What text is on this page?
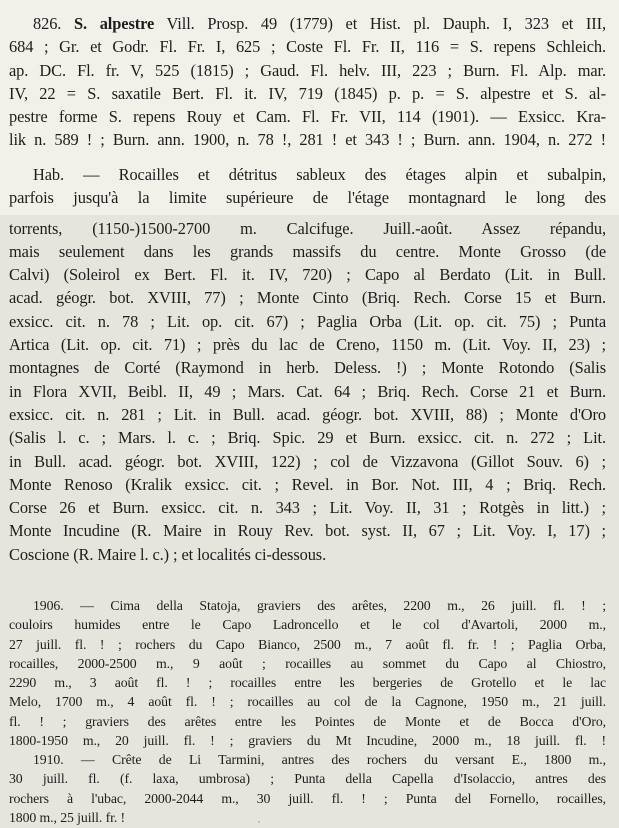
826. S. alpestre Vill. Prosp. 49 (1779) et Hist. pl. Dauph. I, 323 et III,
684 ; Gr. et Godr. Fl. Fr. I, 625 ; Coste Fl. Fr. II, 116 = S. repens Schleich.
ap. DC. Fl. fr. V, 525 (1815) ; Gaud. Fl. helv. III, 223 ; Burn. Fl. Alp. mar.
IV, 22 = S. saxatile Bert. Fl. it. IV, 719 (1845) p. p. = S. alpestre et S. al-
pestre forme S. repens Rouy et Cam. Fl. Fr. VII, 114 (1901). — Exsicc. Kra-
lik n. 589 ! ; Burn. ann. 1900, n. 78 !, 281 ! et 343 ! ; Burn. ann. 1904, n. 272 !
Hab. — Rocailles et détritus sableux des étages alpin et subalpin,
parfois jusqu'à la limite supérieure de l'étage montagnard le long des
torrents, (1150-)1500-2700 m. Calcifuge. Juill.-août. Assez répandu,
mais seulement dans les grands massifs du centre. Monte Grosso (de
Calvi) (Soleirol ex Bert. Fl. it. IV, 720) ; Capo al Berdato (Lit. in Bull.
acad. géogr. bot. XVIII, 77) ; Monte Cinto (Briq. Rech. Corse 15 et Burn.
exsicc. cit. n. 78 ; Lit. op. cit. 67) ; Paglia Orba (Lit. op. cit. 75) ; Punta
Artica (Lit. op. cit. 71) ; près du lac de Creno, 1150 m. (Lit. Voy. II, 23) ;
montagnes de Corté (Raymond in herb. Deless. !) ; Monte Rotondo (Salis
in Flora XVII, Beibl. II, 49 ; Mars. Cat. 64 ; Briq. Rech. Corse 21 et Burn.
exsicc. cit. n. 281 ; Lit. in Bull. acad. géogr. bot. XVIII, 88) ; Monte d'Oro
(Salis l. c. ; Mars. l. c. ; Briq. Spic. 29 et Burn. exsicc. cit. n. 272 ; Lit.
in Bull. acad. géogr. bot. XVIII, 122) ; col de Vizzavona (Gillot Souv. 6) ;
Monte Renoso (Kralik exsicc. cit. ; Revel. in Bor. Not. III, 4 ; Briq. Rech.
Corse 26 et Burn. exsicc. cit. n. 343 ; Lit. Voy. II, 31 ; Rotgès in litt.) ;
Monte Incudine (R. Maire in Rouy Rev. bot. syst. II, 67 ; Lit. Voy. I, 17) ;
Coscione (R. Maire l. c.) ; et localités ci-dessous.
1906. — Cima della Statoja, graviers des arêtes, 2200 m., 26 juill. fl. ! ;
couloirs humides entre le Capo Ladroncello et le col d'Avartoli, 2000 m.,
27 juill. fl. ! ; rochers du Capo Bianco, 2500 m., 7 août fl. fr. ! ; Paglia Orba,
rocailles, 2000-2500 m., 9 août ; rocailles au sommet du Capo al Chiostro,
2290 m., 3 août fl. ! ; rocailles entre les bergeries de Grotello et le lac
Melo, 1700 m., 4 août fl. ! ; rocailles au col de la Cagnone, 1950 m., 21 juill.
fl. ! ; graviers des arêtes entre les Pointes de Monte et de Bocca d'Oro,
1800-1950 m., 20 juill. fl. ! ; graviers du Mt Incudine, 2000 m., 18 juill. fl. !
1910. — Crête de Li Tarmini, antres des rochers du versant E., 1800 m.,
30 juill. fl. (f. laxa, umbrosa) ; Punta della Capella d'Isolaccio, antres des
rochers à l'ubac, 2000-2044 m., 30 juill. fl. ! ; Punta del Fornello, rocailles,
1800 m., 25 juill. fr. !	,
